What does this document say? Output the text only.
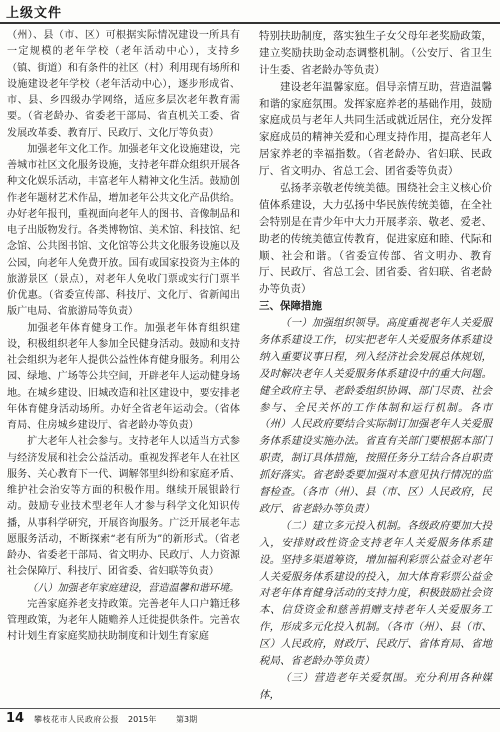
上级文件

（州）、县（市、区）可根据实际情况建设一所具有一定规模的老年学校（老年活动中心），支持乡（镇、街道）和有条件的社区（村）利用现有场所和设施建设老年学校（老年活动中心），逐步形成省、市、县、乡四级办学网络，适应多层次老年教育需要。（省老龄办、省委老干部局、省直机关工委、省发展改革委、教育厅、民政厅、文化厅等负责）

加强老年文化工作。加强老年文化设施建设，完善城市社区文化服务设施，支持老年群众组织开展各种文化娱乐活动，丰富老年人精神文化生活。鼓励创作老年题材艺术作品，增加老年公共文化产品供给。办好老年报刊，重视面向老年人的图书、音像制品和电子出版物发行。各类博物馆、美术馆、科技馆、纪念馆、公共图书馆、文化馆等公共文化服务设施以及公园，向老年人免费开放。国有或国家投资为主体的旅游景区（景点），对老年人免收门票或实行门票半价优惠。（省委宣传部、科技厅、文化厅、省新闻出版广电局、省旅游局等负责）

加强老年体育健身工作。加强老年体育组织建设，积极组织老年人参加全民健身活动。鼓励和支持社会组织为老年人提供公益性体育健身服务。利用公园、绿地、广场等公共空间，开辟老年人运动健身场地。在城乡建设、旧城改造和社区建设中，要安排老年体育健身活动场所。办好全省老年运动会。（省体育局、住房城乡建设厅、省老龄办等负责）

扩大老年人社会参与。支持老年人以适当方式参与经济发展和社会公益活动。重视发挥老年人在社区服务、关心教育下一代、调解邻里纠纷和家庭矛盾、维护社会治安等方面的积极作用。继续开展银龄行动。鼓励专业技术型老年人才参与科学文化知识传播，从事科学研究，开展咨询服务。广泛开展老年志愿服务活动，不断探索“老有所为”的新形式。（省老龄办、省委老干部局、省文明办、民政厅、人力资源社会保障厅、科技厅、团省委、省妇联等负责）

（八）加强老年家庭建设，营造温馨和谐环境。

完善家庭养老支持政策。完善老年人口户籍迁移管理政策，为老年人随赡养人迁徙提供条件。完善农村计划生育家庭奖励扶助制度和计划生育家庭

特别扶助制度，落实独生子女父母年老奖励政策，建立奖励扶助金动态调整机制。（公安厅、省卫生计生委、省老龄办等负责）

建设老年温馨家庭。倡导亲情互助，营造温馨和谐的家庭氛围。发挥家庭养老的基础作用，鼓励家庭成员与老年人共同生活或就近居住，充分发挥家庭成员的精神关爱和心理支持作用，提高老年人居家养老的幸福指数。（省老龄办、省妇联、民政厅、省文明办、省总工会、团省委等负责）

弘扬孝亲敬老传统美德。围绕社会主义核心价值体系建设，大力弘扬中华民族传统美德，在全社会特别是在青少年中大力开展孝亲、敬老、爱老、助老的传统美德宣传教育，促进家庭和睦、代际和顺、社会和谐。（省委宣传部、省文明办、教育厅、民政厅、省总工会、团省委、省妇联、省老龄办等负责）

三、保障措施

（一）加强组织领导。高度重视老年人关爱服务体系建设工作，切实把老年人关爱服务体系建设纳入重要议事日程，列入经济社会发展总体规划，及时解决老年人关爱服务体系建设中的重大问题。健全政府主导、老龄委组织协调、部门尽责、社会参与、全民关怀的工作体制和运行机制。各市（州）人民政府要结合实际制订加强老年人关爱服务体系建设实施办法。省直有关部门要根据本部门职责，制订具体措施，按照任务分工结合各自职责抓好落实。省老龄委要加强对本意见执行情况的监督检查。（各市（州）、县（市、区）人民政府，民政厅、省老龄办等负责）

（二）建立多元投入机制。各级政府要加大投入，安排财政性资金支持老年人关爱服务体系建设。坚持多渠道筹资，增加福利彩票公益金对老年人关爱服务体系建设的投入，加大体育彩票公益金对老年体育健身活动的支持力度，积极鼓励社会资本、信贷资金和慈善捐赠支持老年人关爱服务工作，形成多元化投入机制。（各市（州）、县（市、区）人民政府，财政厅、民政厅、省体育局、省地税局、省老龄办等负责）

（三）营造老年关爱氛围。充分利用各种媒体，

14 攀枝花市人民政府公报 2015年 第3期
